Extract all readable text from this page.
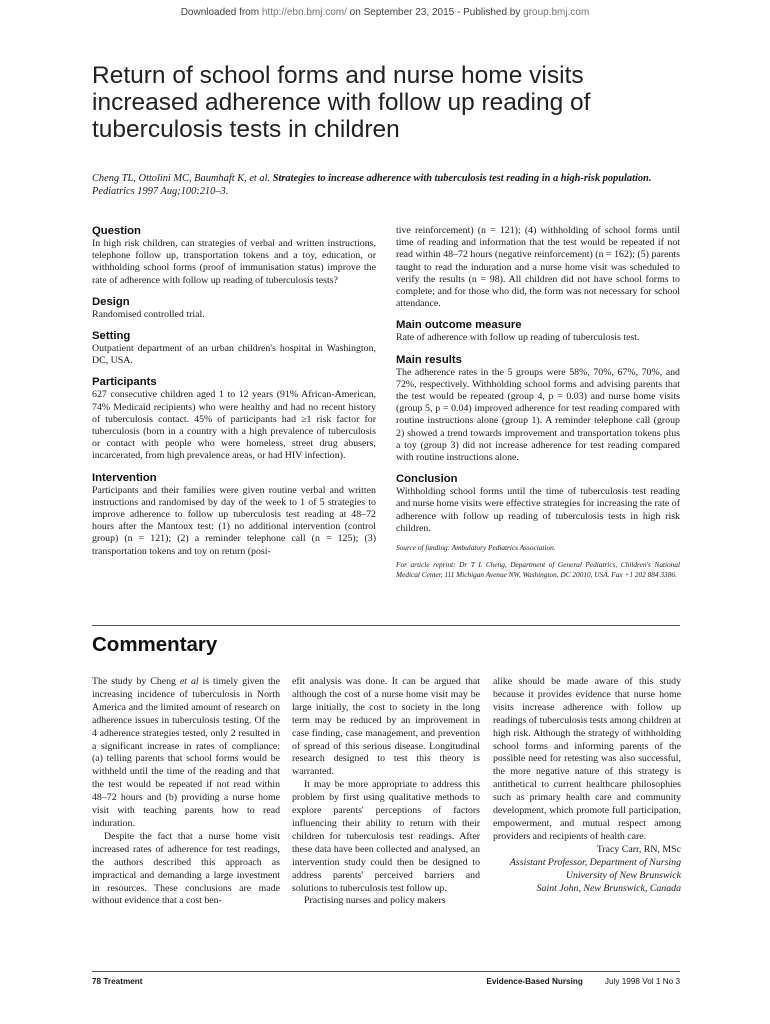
Downloaded from http://ebn.bmj.com/ on September 23, 2015 - Published by group.bmj.com
Return of school forms and nurse home visits increased adherence with follow up reading of tuberculosis tests in children
Cheng TL, Ottolini MC, Baumhaft K, et al. Strategies to increase adherence with tuberculosis test reading in a high-risk population. Pediatrics 1997 Aug;100:210–3.
Question

In high risk children, can strategies of verbal and written instructions, telephone follow up, transportation tokens and a toy, education, or withholding school forms (proof of immunisation status) improve the rate of adherence with follow up reading of tuberculosis tests?

Design

Randomised controlled trial.

Setting

Outpatient department of an urban children's hospital in Washington, DC, USA.

Participants

627 consecutive children aged 1 to 12 years (91% African-American, 74% Medicaid recipients) who were healthy and had no recent history of tuberculosis contact. 45% of participants had ≥1 risk factor for tuberculosis (born in a country with a high prevalence of tuberculosis or contact with people who were homeless, street drug abusers, incarcerated, from high prevalence areas, or had HIV infection).

Intervention

Participants and their families were given routine verbal and written instructions and randomised by day of the week to 1 of 5 strategies to improve adherence to follow up tuberculosis test reading at 48–72 hours after the Mantoux test: (1) no additional intervention (control group) (n = 121); (2) a reminder telephone call (n = 125); (3) transportation tokens and toy on return (posi-

tive reinforcement) (n = 121); (4) withholding of school forms until time of reading and information that the test would be repeated if not read within 48–72 hours (negative reinforcement) (n = 162); (5) parents taught to read the induration and a nurse home visit was scheduled to verify the results (n = 98). All children did not have school forms to complete; and for those who did, the form was not necessary for school attendance.

Main outcome measure

Rate of adherence with follow up reading of tuberculosis test.

Main results

The adherence rates in the 5 groups were 58%, 70%, 67%, 70%, and 72%, respectively. Withholding school forms and advising parents that the test would be repeated (group 4, p = 0.03) and nurse home visits (group 5, p = 0.04) improved adherence for test reading compared with routine instructions alone (group 1). A reminder telephone call (group 2) showed a trend towards improvement and transportation tokens plus a toy (group 3) did not increase adherence for test reading compared with routine instructions alone.

Conclusion

Withholding school forms until the time of tuberculosis test reading and nurse home visits were effective strategies for increasing the rate of adherence with follow up reading of tuberculosis tests in high risk children.

Source of funding: Ambulatory Pediatrics Association.

For article reprint: Dr T L Cheng, Department of General Pediatrics, Children's National Medical Center, 111 Michigan Avenue NW, Washington, DC 20010, USA. Fax +1 202 884 3386.

Commentary

The study by Cheng et al is timely given the increasing incidence of tuberculosis in North America and the limited amount of research on adherence issues in tuberculosis testing. Of the 4 adherence strategies tested, only 2 resulted in a significant increase in rates of compliance: (a) telling parents that school forms would be withheld until the time of the reading and that the test would be repeated if not read within 48–72 hours and (b) providing a nurse home visit with teaching parents how to read induration.

Despite the fact that a nurse home visit increased rates of adherence for test readings, the authors described this approach as impractical and demanding a large investment in resources. These conclusions are made without evidence that a cost ben-

efit analysis was done. It can be argued that although the cost of a nurse home visit may be large initially, the cost to society in the long term may be reduced by an improvement in case finding, case management, and prevention of spread of this serious disease. Longitudinal research designed to test this theory is warranted.

It may be more appropriate to address this problem by first using qualitative methods to explore parents' perceptions of factors influencing their ability to return with their children for tuberculosis test readings. After these data have been collected and analysed, an intervention study could then be designed to address parents' perceived barriers and solutions to tuberculosis test follow up.

Practising nurses and policy makers

alike should be made aware of this study because it provides evidence that nurse home visits increase adherence with follow up readings of tuberculosis tests among children at high risk. Although the strategy of withholding school forms and informing parents of the possible need for retesting was also successful, the more negative nature of this strategy is antithetical to current healthcare philosophies such as primary health care and community development, which promote full participation, empowerment, and mutual respect among providers and recipients of health care.

Tracy Carr, RN, MSc
Assistant Professor, Department of Nursing
University of New Brunswick
Saint John, New Brunswick, Canada
78 Treatment	Evidence-Based Nursing	July 1998 Vol 1 No 3
